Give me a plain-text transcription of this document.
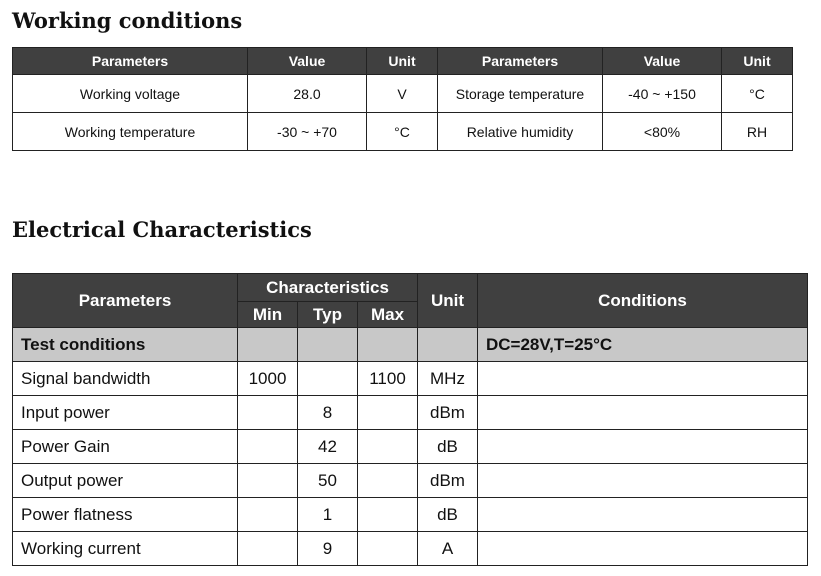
Working conditions
Parameters	Value	Unit	Parameters	Value	Unit
Working voltage	28.0	V	Storage temperature	-40 ~ +150	°C
Working temperature	-30 ~ +70	°C	Relative humidity	<80%	RH
Electrical Characteristics
Parameters	Characteristics			Unit	Conditions
	Min	Typ	Max		
Test conditions					DC=28V,T=25°C
Signal bandwidth	1000		1100	MHz	
Input power		8		dBm	
Power Gain		42		dB	
Output power		50		dBm	
Power flatness		1		dB	
Working current		9		A	
